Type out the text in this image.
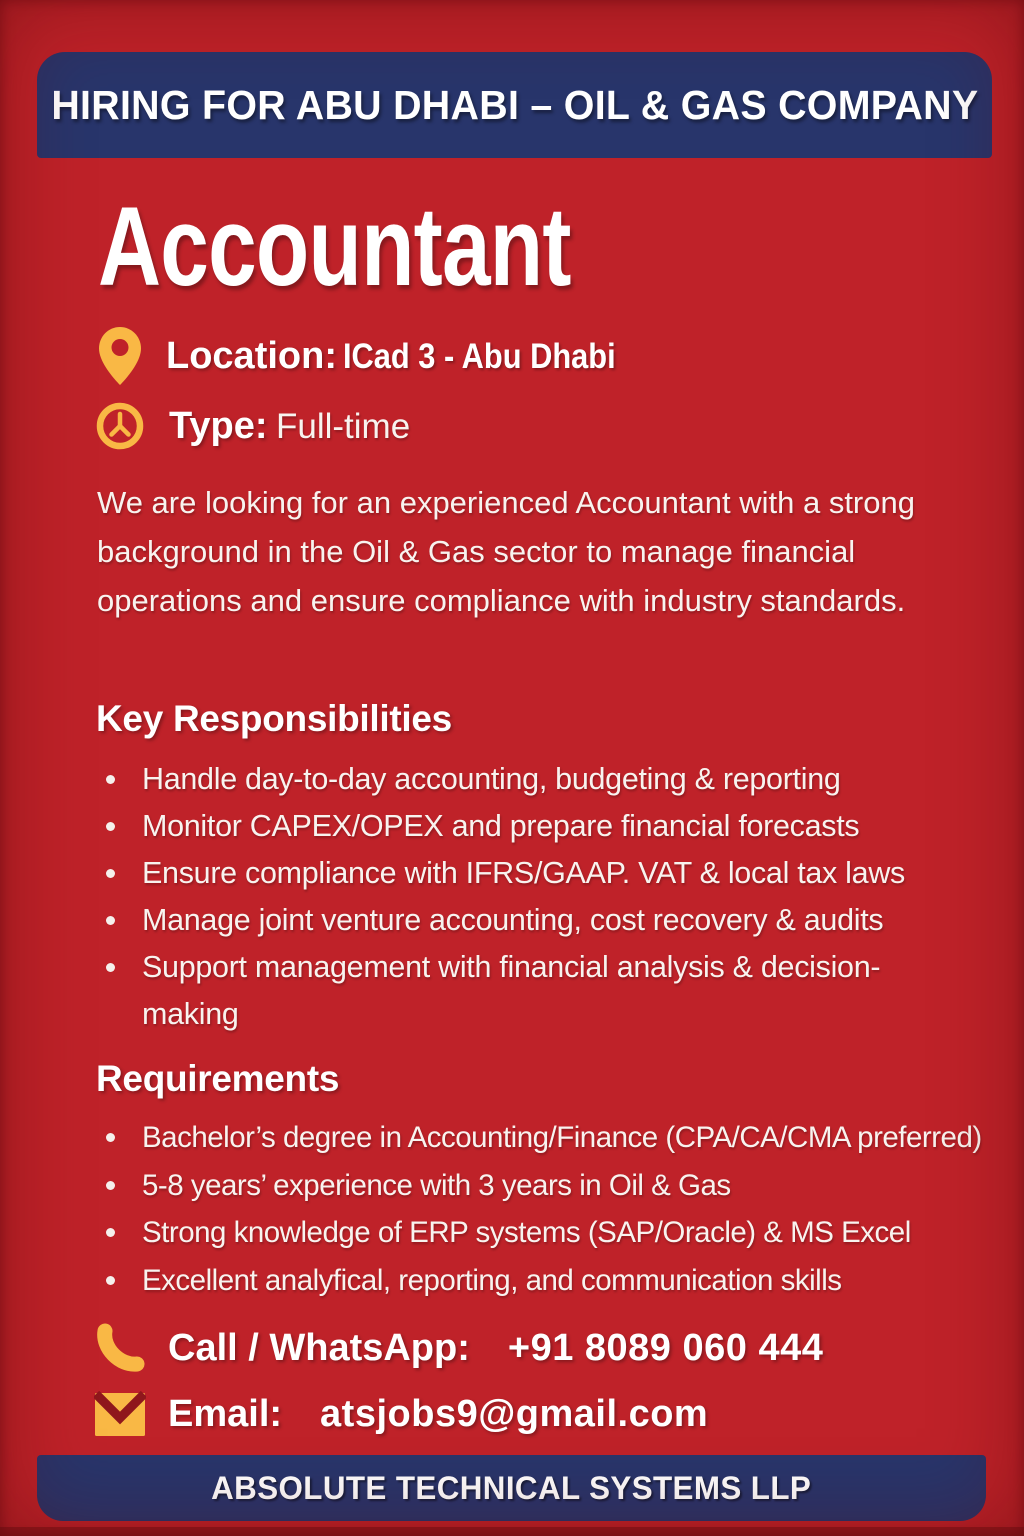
HIRING FOR ABU DHABI – OIL & GAS COMPANY
Accountant
Location: ICad 3 - Abu Dhabi
Type: Full-time

We are looking for an experienced Accountant with a strong background in the Oil & Gas sector to manage financial operations and ensure compliance with industry standards.

Key Responsibilities
Handle day-to-day accounting, budgeting & reporting
Monitor CAPEX/OPEX and prepare financial forecasts
Ensure compliance with IFRS/GAAP. VAT & local tax laws
Manage joint venture accounting, cost recovery & audits
Support management with financial analysis & decision-making
Requirements
Bachelor’s degree in Accounting/Finance (CPA/CA/CMA preferred)
5-8 years’ experience with 3 years in Oil & Gas
Strong knowledge of ERP systems (SAP/Oracle) & MS Excel
Excellent analyfical, reporting, and communication skills
Call / WhatsApp: +91 8089 060 444
Email: atsjobs9@gmail.com
ABSOLUTE TECHNICAL SYSTEMS LLP
